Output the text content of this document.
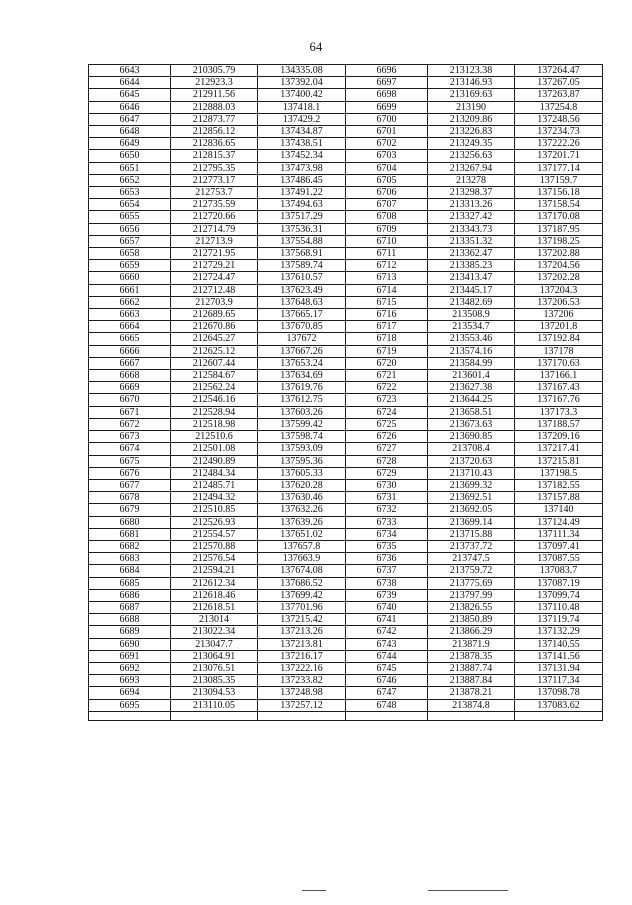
64
6643	210305.79	134335.08	6696	213123.38	137264.47
6644	212923.3	137392.04	6697	213146.93	137267.05
6645	212911.56	137400.42	6698	213169.63	137263.87
6646	212888.03	137418.1	6699	213190	137254.8
6647	212873.77	137429.2	6700	213209.86	137248.56
6648	212856.12	137434.87	6701	213226.83	137234.73
6649	212836.65	137438.51	6702	213249.35	137222.26
6650	212815.37	137452.34	6703	213256.63	137201.71
6651	212795.35	137473.98	6704	213267.94	137177.14
6652	212773.17	137486.45	6705	213278	137159.7
6653	212753.7	137491.22	6706	213298.37	137156.18
6654	212735.59	137494.63	6707	213313.26	137158.54
6655	212720.66	137517.29	6708	213327.42	137170.08
6656	212714.79	137536.31	6709	213343.73	137187.95
6657	212713.9	137554.88	6710	213351.32	137198.25
6658	212721.95	137568.91	6711	213362.47	137202.88
6659	212729.21	137589.74	6712	213385.23	137204.56
6660	212724.47	137610.57	6713	213413.47	137202.28
6661	212712.48	137623.49	6714	213445.17	137204.3
6662	212703.9	137648.63	6715	213482.69	137206.53
6663	212689.65	137665.17	6716	213508.9	137206
6664	212670.86	137670.85	6717	213534.7	137201.8
6665	212645.27	137672	6718	213553.46	137192.84
6666	212625.12	137667.26	6719	213574.16	137178
6667	212607.44	137653.24	6720	213584.99	137170.63
6668	212584.67	137634.69	6721	213601.4	137166.1
6669	212562.24	137619.76	6722	213627.38	137167.43
6670	212546.16	137612.75	6723	213644.25	137167.76
6671	212528.94	137603.26	6724	213658.51	137173.3
6672	212518.98	137599.42	6725	213673.63	137188.57
6673	212510.6	137598.74	6726	213690.85	137209.16
6674	212501.08	137593.09	6727	213708.4	137217.41
6675	212490.89	137595.36	6728	213720.63	137215.81
6676	212484.34	137605.33	6729	213710.43	137198.5
6677	212485.71	137620.28	6730	213699.32	137182.55
6678	212494.32	137630.46	6731	213692.51	137157.88
6679	212510.85	137632.26	6732	213692.05	137140
6680	212526.93	137639.26	6733	213699.14	137124.49
6681	212554.57	137651.02	6734	213715.88	137111.34
6682	212570.88	137657.8	6735	213737.72	137097.41
6683	212576.54	137663.9	6736	213747.5	137087.55
6684	212594.21	137674.08	6737	213759.72	137083.7
6685	212612.34	137686.52	6738	213775.69	137087.19
6686	212618.46	137699.42	6739	213797.99	137099.74
6687	212618.51	137701.96	6740	213826.55	137110.48
6688	213014	137215.42	6741	213850.89	137119.74
6689	213022.34	137213.26	6742	213866.29	137132.29
6690	213047.7	137213.81	6743	213871.9	137140.55
6691	213064.91	137216.17	6744	213878.35	137141.56
6692	213076.51	137222.16	6745	213887.74	137131.94
6693	213085.35	137233.82	6746	213887.84	137117.34
6694	213094.53	137248.98	6747	213878.21	137098.78
6695	213110.05	137257.12	6748	213874.8	137083.62
